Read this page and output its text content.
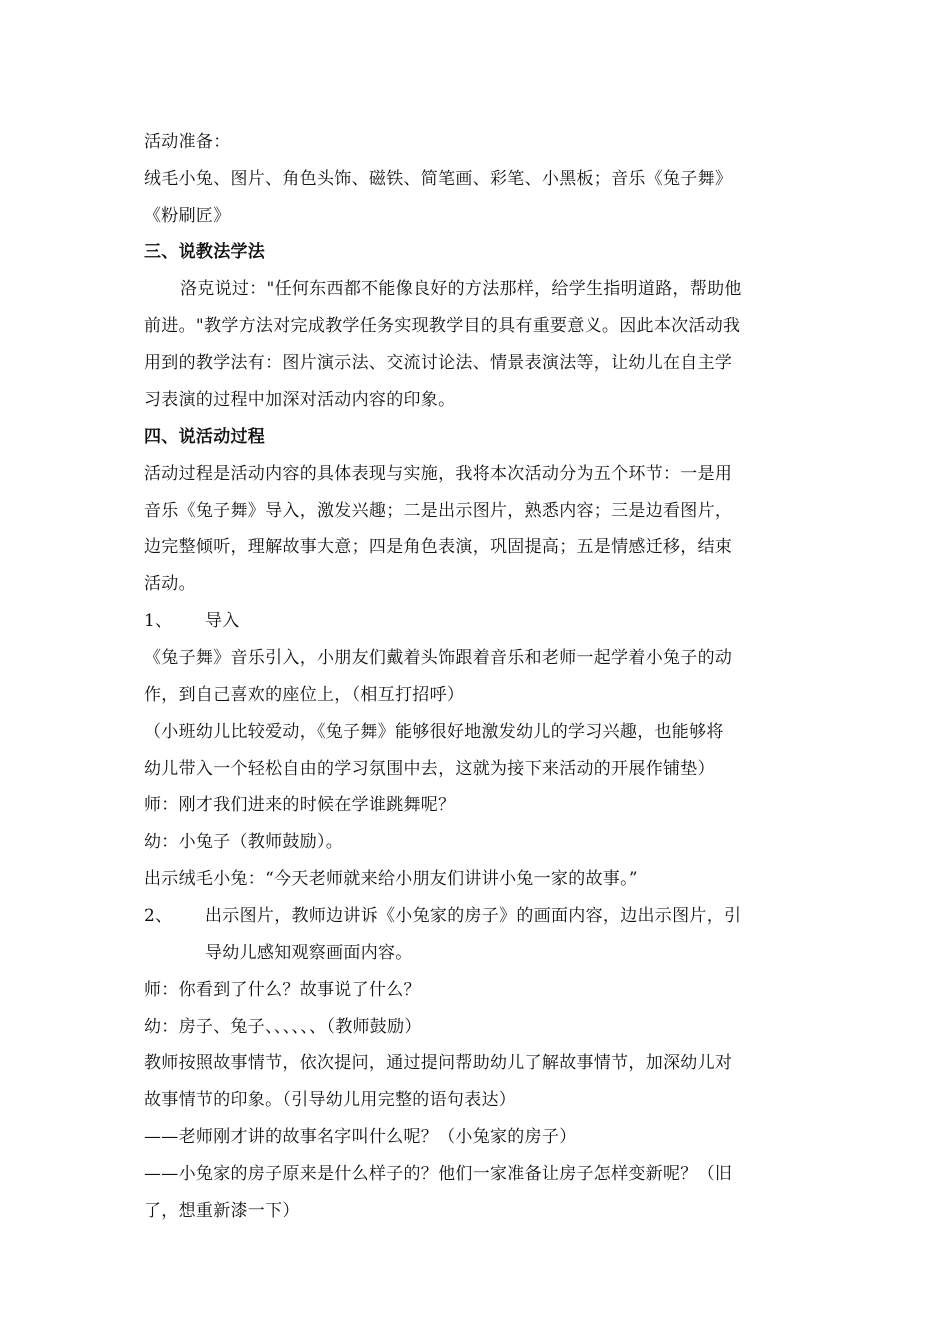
活动准备：
绒毛小兔、图片、角色头饰、磁铁、简笔画、彩笔、小黑板；音乐《兔子舞》
《粉刷匠》
三、说教法学法
洛克说过："任何东西都不能像良好的方法那样，给学生指明道路，帮助他
前进。"教学方法对完成教学任务实现教学目的具有重要意义。因此本次活动我
用到的教学法有：图片演示法、交流讨论法、情景表演法等，让幼儿在自主学
习表演的过程中加深对活动内容的印象。
四、说活动过程
活动过程是活动内容的具体表现与实施，我将本次活动分为五个环节：一是用
音乐《兔子舞》导入，激发兴趣；二是出示图片，熟悉内容；三是边看图片，
边完整倾听，理解故事大意；四是角色表演，巩固提高；五是情感迁移，结束
活动。
1、 导入
《兔子舞》音乐引入，小朋友们戴着头饰跟着音乐和老师一起学着小兔子的动
作，到自己喜欢的座位上，（相互打招呼）
（小班幼儿比较爱动，《兔子舞》能够很好地激发幼儿的学习兴趣，也能够将
幼儿带入一个轻松自由的学习氛围中去，这就为接下来活动的开展作铺垫）
师：刚才我们进来的时候在学谁跳舞呢？
幼：小兔子（教师鼓励）。
出示绒毛小兔：“今天老师就来给小朋友们讲讲小兔一家的故事。”
2、 出示图片，教师边讲诉《小兔家的房子》的画面内容，边出示图片，引
导幼儿感知观察画面内容。
师：你看到了什么？故事说了什么？
幼：房子、兔子、、、、、、（教师鼓励）
教师按照故事情节，依次提问，通过提问帮助幼儿了解故事情节，加深幼儿对
故事情节的印象。（引导幼儿用完整的语句表达）
——老师刚才讲的故事名字叫什么呢？（小兔家的房子）
——小兔家的房子原来是什么样子的？他们一家准备让房子怎样变新呢？（旧
了，想重新漆一下）
